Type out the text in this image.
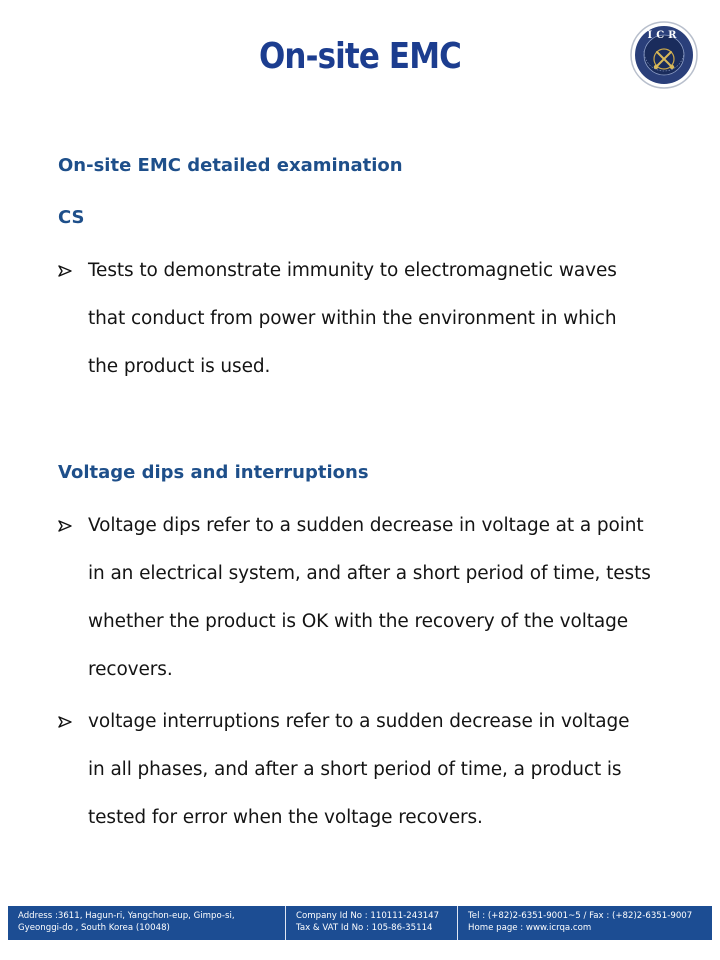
On-site EMC
ICR
On-site EMC detailed examination
CS
Tests to demonstrate immunity to electromagnetic waves
that conduct from power within the environment in which
the product is used.
Voltage dips and interruptions
Voltage dips refer to a sudden decrease in voltage at a point
in an electrical system, and after a short period of time, tests
whether the product is OK with the recovery of the voltage
recovers.
voltage interruptions refer to a sudden decrease in voltage
in all phases, and after a short period of time, a product is
tested for error when the voltage recovers.
Address :3611, Hagun-ri, Yangchon-eup, Gimpo-si,
Gyeonggi-do , South Korea (10048)
Company Id No : 110111-243147
Tax & VAT Id No : 105-86-35114
Tel : (+82)2-6351-9001~5 / Fax : (+82)2-6351-9007
Home page : www.icrqa.com
